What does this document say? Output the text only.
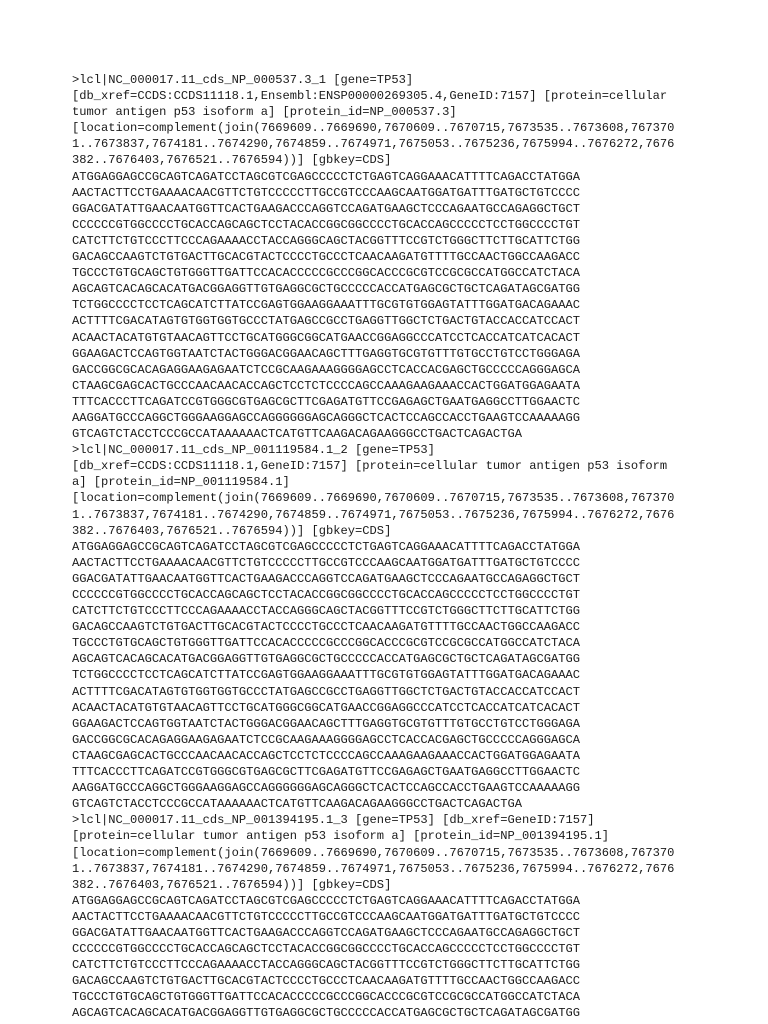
>lcl|NC_000017.11_cds_NP_000537.3_1 [gene=TP53]
[db_xref=CCDS:CCDS11118.1,Ensembl:ENSP00000269305.4,GeneID:7157] [protein=cellular
tumor antigen p53 isoform a] [protein_id=NP_000537.3]
[location=complement(join(7669609..7669690,7670609..7670715,7673535..7673608,767370
1..7673837,7674181..7674290,7674859..7674971,7675053..7675236,7675994..7676272,7676
382..7676403,7676521..7676594))] [gbkey=CDS]
ATGGAGGAGCCGCAGTCAGATCCTAGCGTCGAGCCCCCTCTGAGTCAGGAAACATTTTCAGACCTATGGA
AACTACTTCCTGAAAACAACGTTCTGTCCCCCTTGCCGTCCCAAGCAATGGATGATTTGATGCTGTCCCC
GGACGATATTGAACAATGGTTCACTGAAGACCCAGGTCCAGATGAAGCTCCCAGAATGCCAGAGGCTGCT
CCCCCCGTGGCCCCTGCACCAGCAGCTCCTACACCGGCGGCCCCTGCACCAGCCCCCTCCTGGCCCCTGT
CATCTTCTGTCCCTTCCCAGAAAACCTACCAGGGCAGCTACGGTTTCCGTCTGGGCTTCTTGCATTCTGG
GACAGCCAAGTCTGTGACTTGCACGTACTCCCCTGCCCTCAACAAGATGTTTTGCCAACTGGCCAAGACC
TGCCCTGTGCAGCTGTGGGTTGATTCCACACCCCCGCCCGGCACCCGCGTCCGCGCCATGGCCATCTACA
AGCAGTCACAGCACATGACGGAGGTTGTGAGGCGCTGCCCCCACCATGAGCGCTGCTCAGATAGCGATGG
TCTGGCCCCTCCTCAGCATCTTATCCGAGTGGAAGGAAATTTGCGTGTGGAGTATTTGGATGACAGAAAC
ACTTTTCGACATAGTGTGGTGGTGCCCTATGAGCCGCCTGAGGTTGGCTCTGACTGTACCACCATCCACT
ACAACTACATGTGTAACAGTTCCTGCATGGGCGGCATGAACCGGAGGCCCATCCTCACCATCATCACACT
GGAAGACTCCAGTGGTAATCTACTGGGACGGAACAGCTTTGAGGTGCGTGTTTGTGCCTGTCCTGGGAGA
GACCGGCGCACAGAGGAAGAGAATCTCCGCAAGAAAGGGGAGCCTCACCACGAGCTGCCCCCAGGGAGCA
CTAAGCGAGCACTGCCCAACAACACCAGCTCCTCTCCCCAGCCAAAGAAGAAACCACTGGATGGAGAATA
TTTCACCCTTCAGATCCGTGGGCGTGAGCGCTTCGAGATGTTCCGAGAGCTGAATGAGGCCTTGGAACTC
AAGGATGCCCAGGCTGGGAAGGAGCCAGGGGGGAGCAGGGCTCACTCCAGCCACCTGAAGTCCAAAAAGG
GTCAGTCTACCTCCCGCCATAAAAAACTCATGTTCAAGACAGAAGGGCCTGACTCAGACTGA
>lcl|NC_000017.11_cds_NP_001119584.1_2 [gene=TP53]
[db_xref=CCDS:CCDS11118.1,GeneID:7157] [protein=cellular tumor antigen p53 isoform
a] [protein_id=NP_001119584.1]
[location=complement(join(7669609..7669690,7670609..7670715,7673535..7673608,767370
1..7673837,7674181..7674290,7674859..7674971,7675053..7675236,7675994..7676272,7676
382..7676403,7676521..7676594))] [gbkey=CDS]
ATGGAGGAGCCGCAGTCAGATCCTAGCGTCGAGCCCCCTCTGAGTCAGGAAACATTTTCAGACCTATGGA
AACTACTTCCTGAAAACAACGTTCTGTCCCCCTTGCCGTCCCAAGCAATGGATGATTTGATGCTGTCCCC
GGACGATATTGAACAATGGTTCACTGAAGACCCAGGTCCAGATGAAGCTCCCAGAATGCCAGAGGCTGCT
CCCCCCGTGGCCCCTGCACCAGCAGCTCCTACACCGGCGGCCCCTGCACCAGCCCCCTCCTGGCCCCTGT
CATCTTCTGTCCCTTCCCAGAAAACCTACCAGGGCAGCTACGGTTTCCGTCTGGGCTTCTTGCATTCTGG
GACAGCCAAGTCTGTGACTTGCACGTACTCCCCTGCCCTCAACAAGATGTTTTGCCAACTGGCCAAGACC
TGCCCTGTGCAGCTGTGGGTTGATTCCACACCCCCGCCCGGCACCCGCGTCCGCGCCATGGCCATCTACA
AGCAGTCACAGCACATGACGGAGGTTGTGAGGCGCTGCCCCCACCATGAGCGCTGCTCAGATAGCGATGG
TCTGGCCCCTCCTCAGCATCTTATCCGAGTGGAAGGAAATTTGCGTGTGGAGTATTTGGATGACAGAAAC
ACTTTTCGACATAGTGTGGTGGTGCCCTATGAGCCGCCTGAGGTTGGCTCTGACTGTACCACCATCCACT
ACAACTACATGTGTAACAGTTCCTGCATGGGCGGCATGAACCGGAGGCCCATCCTCACCATCATCACACT
GGAAGACTCCAGTGGTAATCTACTGGGACGGAACAGCTTTGAGGTGCGTGTTTGTGCCTGTCCTGGGAGA
GACCGGCGCACAGAGGAAGAGAATCTCCGCAAGAAAGGGGAGCCTCACCACGAGCTGCCCCCAGGGAGCA
CTAAGCGAGCACTGCCCAACAACACCAGCTCCTCTCCCCAGCCAAAGAAGAAACCACTGGATGGAGAATA
TTTCACCCTTCAGATCCGTGGGCGTGAGCGCTTCGAGATGTTCCGAGAGCTGAATGAGGCCTTGGAACTC
AAGGATGCCCAGGCTGGGAAGGAGCCAGGGGGGAGCAGGGCTCACTCCAGCCACCTGAAGTCCAAAAAGG
GTCAGTCTACCTCCCGCCATAAAAAACTCATGTTCAAGACAGAAGGGCCTGACTCAGACTGA
>lcl|NC_000017.11_cds_NP_001394195.1_3 [gene=TP53] [db_xref=GeneID:7157]
[protein=cellular tumor antigen p53 isoform a] [protein_id=NP_001394195.1]
[location=complement(join(7669609..7669690,7670609..7670715,7673535..7673608,767370
1..7673837,7674181..7674290,7674859..7674971,7675053..7675236,7675994..7676272,7676
382..7676403,7676521..7676594))] [gbkey=CDS]
ATGGAGGAGCCGCAGTCAGATCCTAGCGTCGAGCCCCCTCTGAGTCAGGAAACATTTTCAGACCTATGGA
AACTACTTCCTGAAAACAACGTTCTGTCCCCCTTGCCGTCCCAAGCAATGGATGATTTGATGCTGTCCCC
GGACGATATTGAACAATGGTTCACTGAAGACCCAGGTCCAGATGAAGCTCCCAGAATGCCAGAGGCTGCT
CCCCCCGTGGCCCCTGCACCAGCAGCTCCTACACCGGCGGCCCCTGCACCAGCCCCCTCCTGGCCCCTGT
CATCTTCTGTCCCTTCCCAGAAAACCTACCAGGGCAGCTACGGTTTCCGTCTGGGCTTCTTGCATTCTGG
GACAGCCAAGTCTGTGACTTGCACGTACTCCCCTGCCCTCAACAAGATGTTTTGCCAACTGGCCAAGACC
TGCCCTGTGCAGCTGTGGGTTGATTCCACACCCCCGCCCGGCACCCGCGTCCGCGCCATGGCCATCTACA
AGCAGTCACAGCACATGACGGAGGTTGTGAGGCGCTGCCCCCACCATGAGCGCTGCTCAGATAGCGATGG
